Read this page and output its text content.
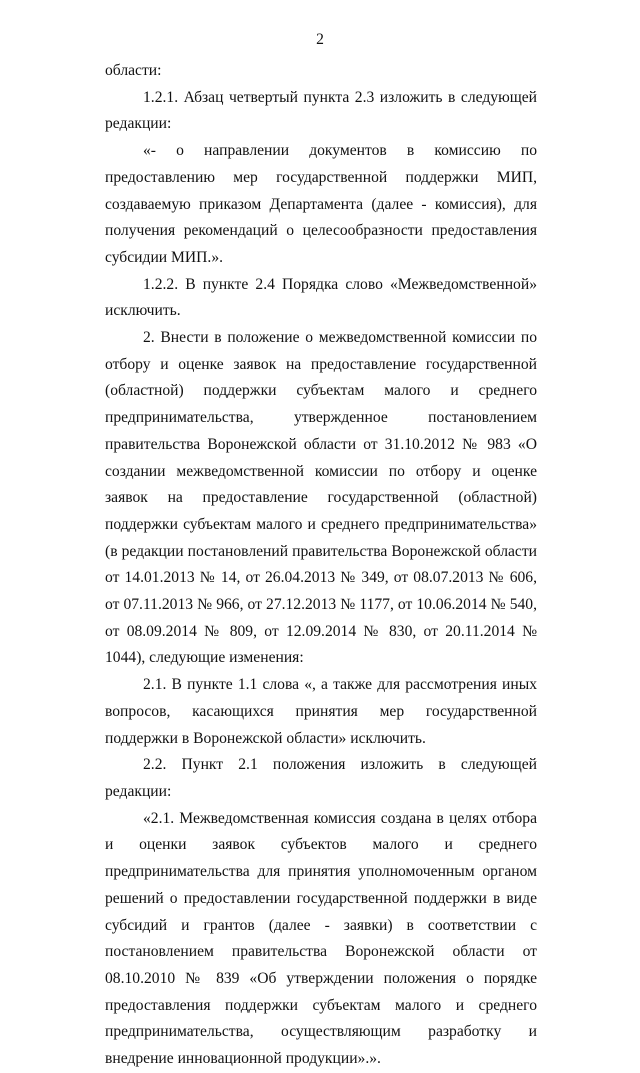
2

области:

1.2.1. Абзац четвертый пункта 2.3 изложить в следующей редакции:

«- о направлении документов в комиссию по предоставлению мер государственной поддержки МИП, создаваемую приказом Департамента (далее - комиссия), для получения рекомендаций о целесообразности предоставления субсидии МИП.».

1.2.2. В пункте 2.4 Порядка слово «Межведомственной» исключить.

2. Внести в положение о межведомственной комиссии по отбору и оценке заявок на предоставление государственной (областной) поддержки субъектам малого и среднего предпринимательства, утвержденное постановлением правительства Воронежской области от 31.10.2012 № 983 «О создании межведомственной комиссии по отбору и оценке заявок на предоставление государственной (областной) поддержки субъектам малого и среднего предпринимательства» (в редакции постановлений правительства Воронежской области от 14.01.2013 № 14, от 26.04.2013 № 349, от 08.07.2013 № 606, от 07.11.2013 № 966, от 27.12.2013 № 1177, от 10.06.2014 № 540, от 08.09.2014 № 809, от 12.09.2014 № 830, от 20.11.2014 № 1044), следующие изменения:

2.1. В пункте 1.1 слова «, а также для рассмотрения иных вопросов, касающихся принятия мер государственной поддержки в Воронежской области» исключить.

2.2. Пункт 2.1 положения изложить в следующей редакции:

«2.1. Межведомственная комиссия создана в целях отбора и оценки заявок субъектов малого и среднего предпринимательства для принятия уполномоченным органом решений о предоставлении государственной поддержки в виде субсидий и грантов (далее - заявки) в соответствии с постановлением правительства Воронежской области от 08.10.2010 № 839 «Об утверждении положения о порядке предоставления поддержки субъектам малого и среднего предпринимательства, осуществляющим разработку и внедрение инновационной продукции».».
